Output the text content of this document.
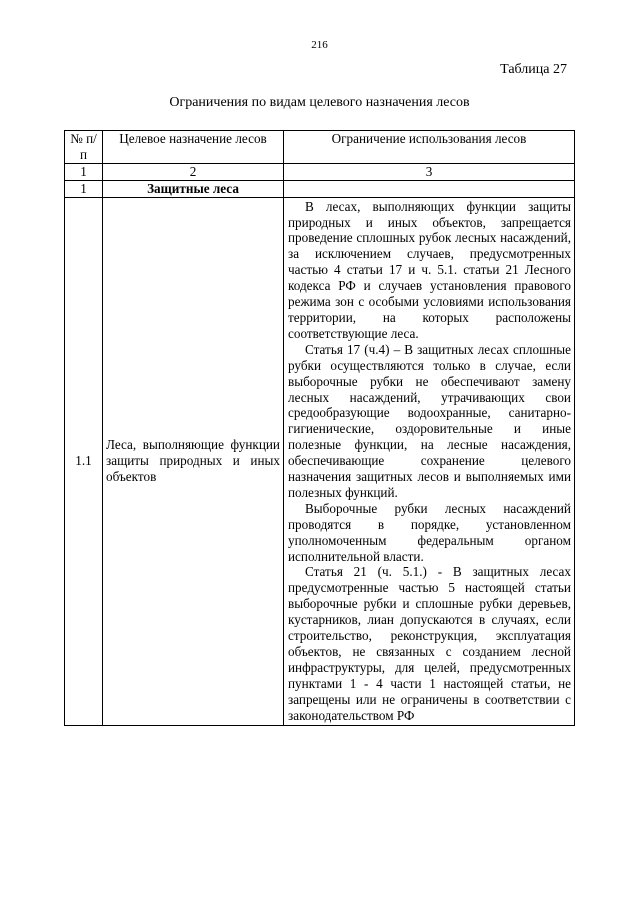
216
Таблица 27
Ограничения по видам целевого назначения лесов
№ п/п	Целевое назначение лесов	Ограничение использования лесов
1	2	3
1	Защитные леса	
1.1	Леса, выполняющие функции защиты природных и иных объектов	В лесах, выполняющих функции защиты природных и иных объектов, запрещается проведение сплошных рубок лесных насаждений, за исключением случаев, предусмотренных частью 4 статьи 17 и ч. 5.1. статьи 21 Лесного кодекса РФ и случаев установления правового режима зон с особыми условиями использования территории, на которых расположены соответствующие леса.

Статья 17 (ч.4) – В защитных лесах сплошные рубки осуществляются только в случае, если выборочные рубки не обеспечивают замену лесных насаждений, утрачивающих свои средообразующие водоохранные, санитарно-гигиенические, оздоровительные и иные полезные функции, на лесные насаждения, обеспечивающие сохранение целевого назначения защитных лесов и выполняемых ими полезных функций.

Выборочные рубки лесных насаждений проводятся в порядке, установленном уполномоченным федеральным органом исполнительной власти.

Статья 21 (ч. 5.1.) - В защитных лесах предусмотренные частью 5 настоящей статьи выборочные рубки и сплошные рубки деревьев, кустарников, лиан допускаются в случаях, если строительство, реконструкция, эксплуатация объектов, не связанных с созданием лесной инфраструктуры, для целей, предусмотренных пунктами 1 - 4 части 1 настоящей статьи, не запрещены или не ограничены в соответствии с законодательством РФ
